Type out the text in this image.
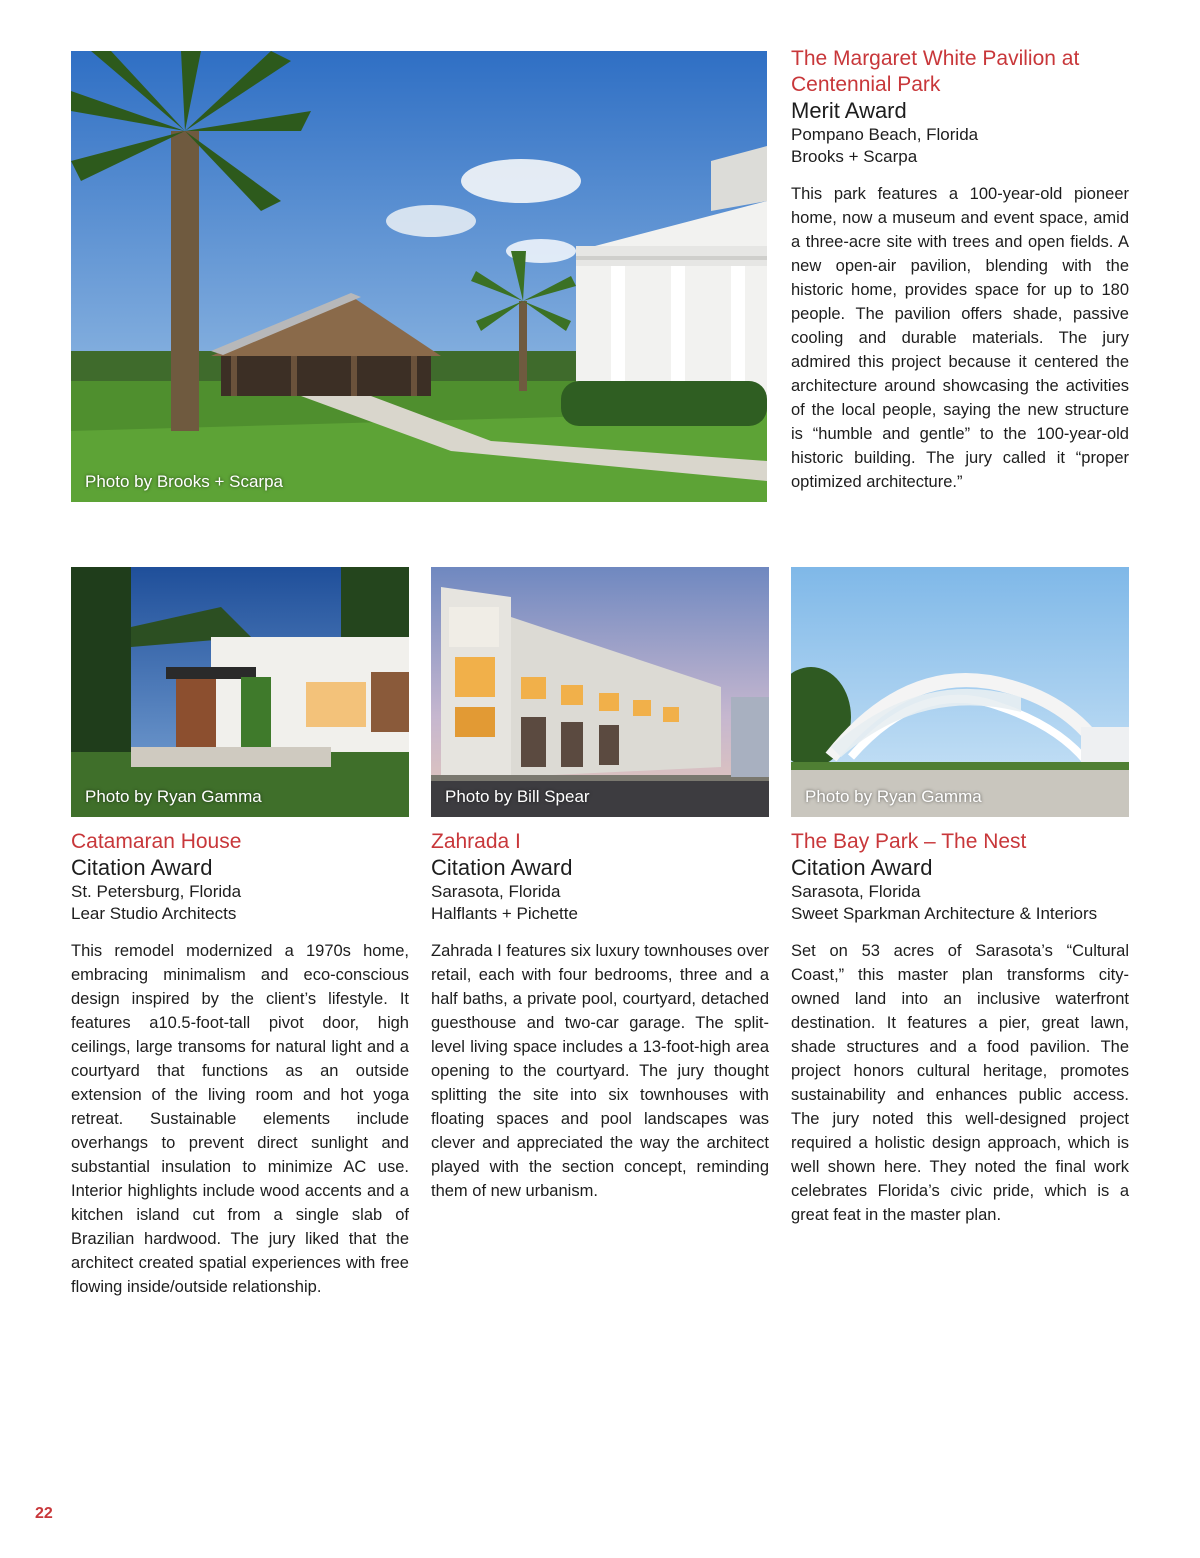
Photo by Brooks + Scarpa
The Margaret White Pavilion at
Centennial Park
Merit Award
Pompano Beach, Florida
Brooks + Scarpa

This park features a 100-year-old pioneer home, now a museum and event space, amid a three-acre site with trees and open fields. A new open-air pavilion, blending with the historic home, provides space for up to 180 people. The pavilion offers shade, passive cooling and durable materials. The jury admired this project because it centered the architecture around showcasing the activities of the local people, saying the new structure is “humble and gentle” to the 100-year-old historic building. The jury called it “proper optimized architecture.”

Photo by Ryan Gamma	Photo by Bill Spear	Photo by Ryan Gamma
Catamaran House
Citation Award
St. Petersburg, Florida
Lear Studio Architects

This remodel modernized a 1970s home, embracing minimalism and eco-conscious design inspired by the client’s lifestyle. It features a10.5-foot-tall pivot door, high ceilings, large transoms for natural light and a courtyard that functions as an outside extension of the living room and hot yoga retreat. Sustainable elements include overhangs to prevent direct sunlight and substantial insulation to minimize AC use. Interior highlights include wood accents and a kitchen island cut from a single slab of Brazilian hardwood. The jury liked that the architect created spatial experiences with free flowing inside/outside relationship.

Zahrada I
Citation Award
Sarasota, Florida
Halflants + Pichette

Zahrada I features six luxury townhouses over retail, each with four bedrooms, three and a half baths, a private pool, courtyard, detached guesthouse and two-car garage. The split-level living space includes a 13-foot-high area opening to the courtyard. The jury thought splitting the site into six townhouses with floating spaces and pool landscapes was clever and appreciated the way the architect played with the section concept, reminding them of new urbanism.

The Bay Park – The Nest
Citation Award
Sarasota, Florida
Sweet Sparkman Architecture & Interiors

Set on 53 acres of Sarasota’s “Cultural Coast,” this master plan transforms city-owned land into an inclusive waterfront destination. It features a pier, great lawn, shade structures and a food pavilion. The project honors cultural heritage, promotes sustainability and enhances public access. The jury noted this well-designed project required a holistic design approach, which is well shown here. They noted the final work celebrates Florida’s civic pride, which is a great feat in the master plan.

22
